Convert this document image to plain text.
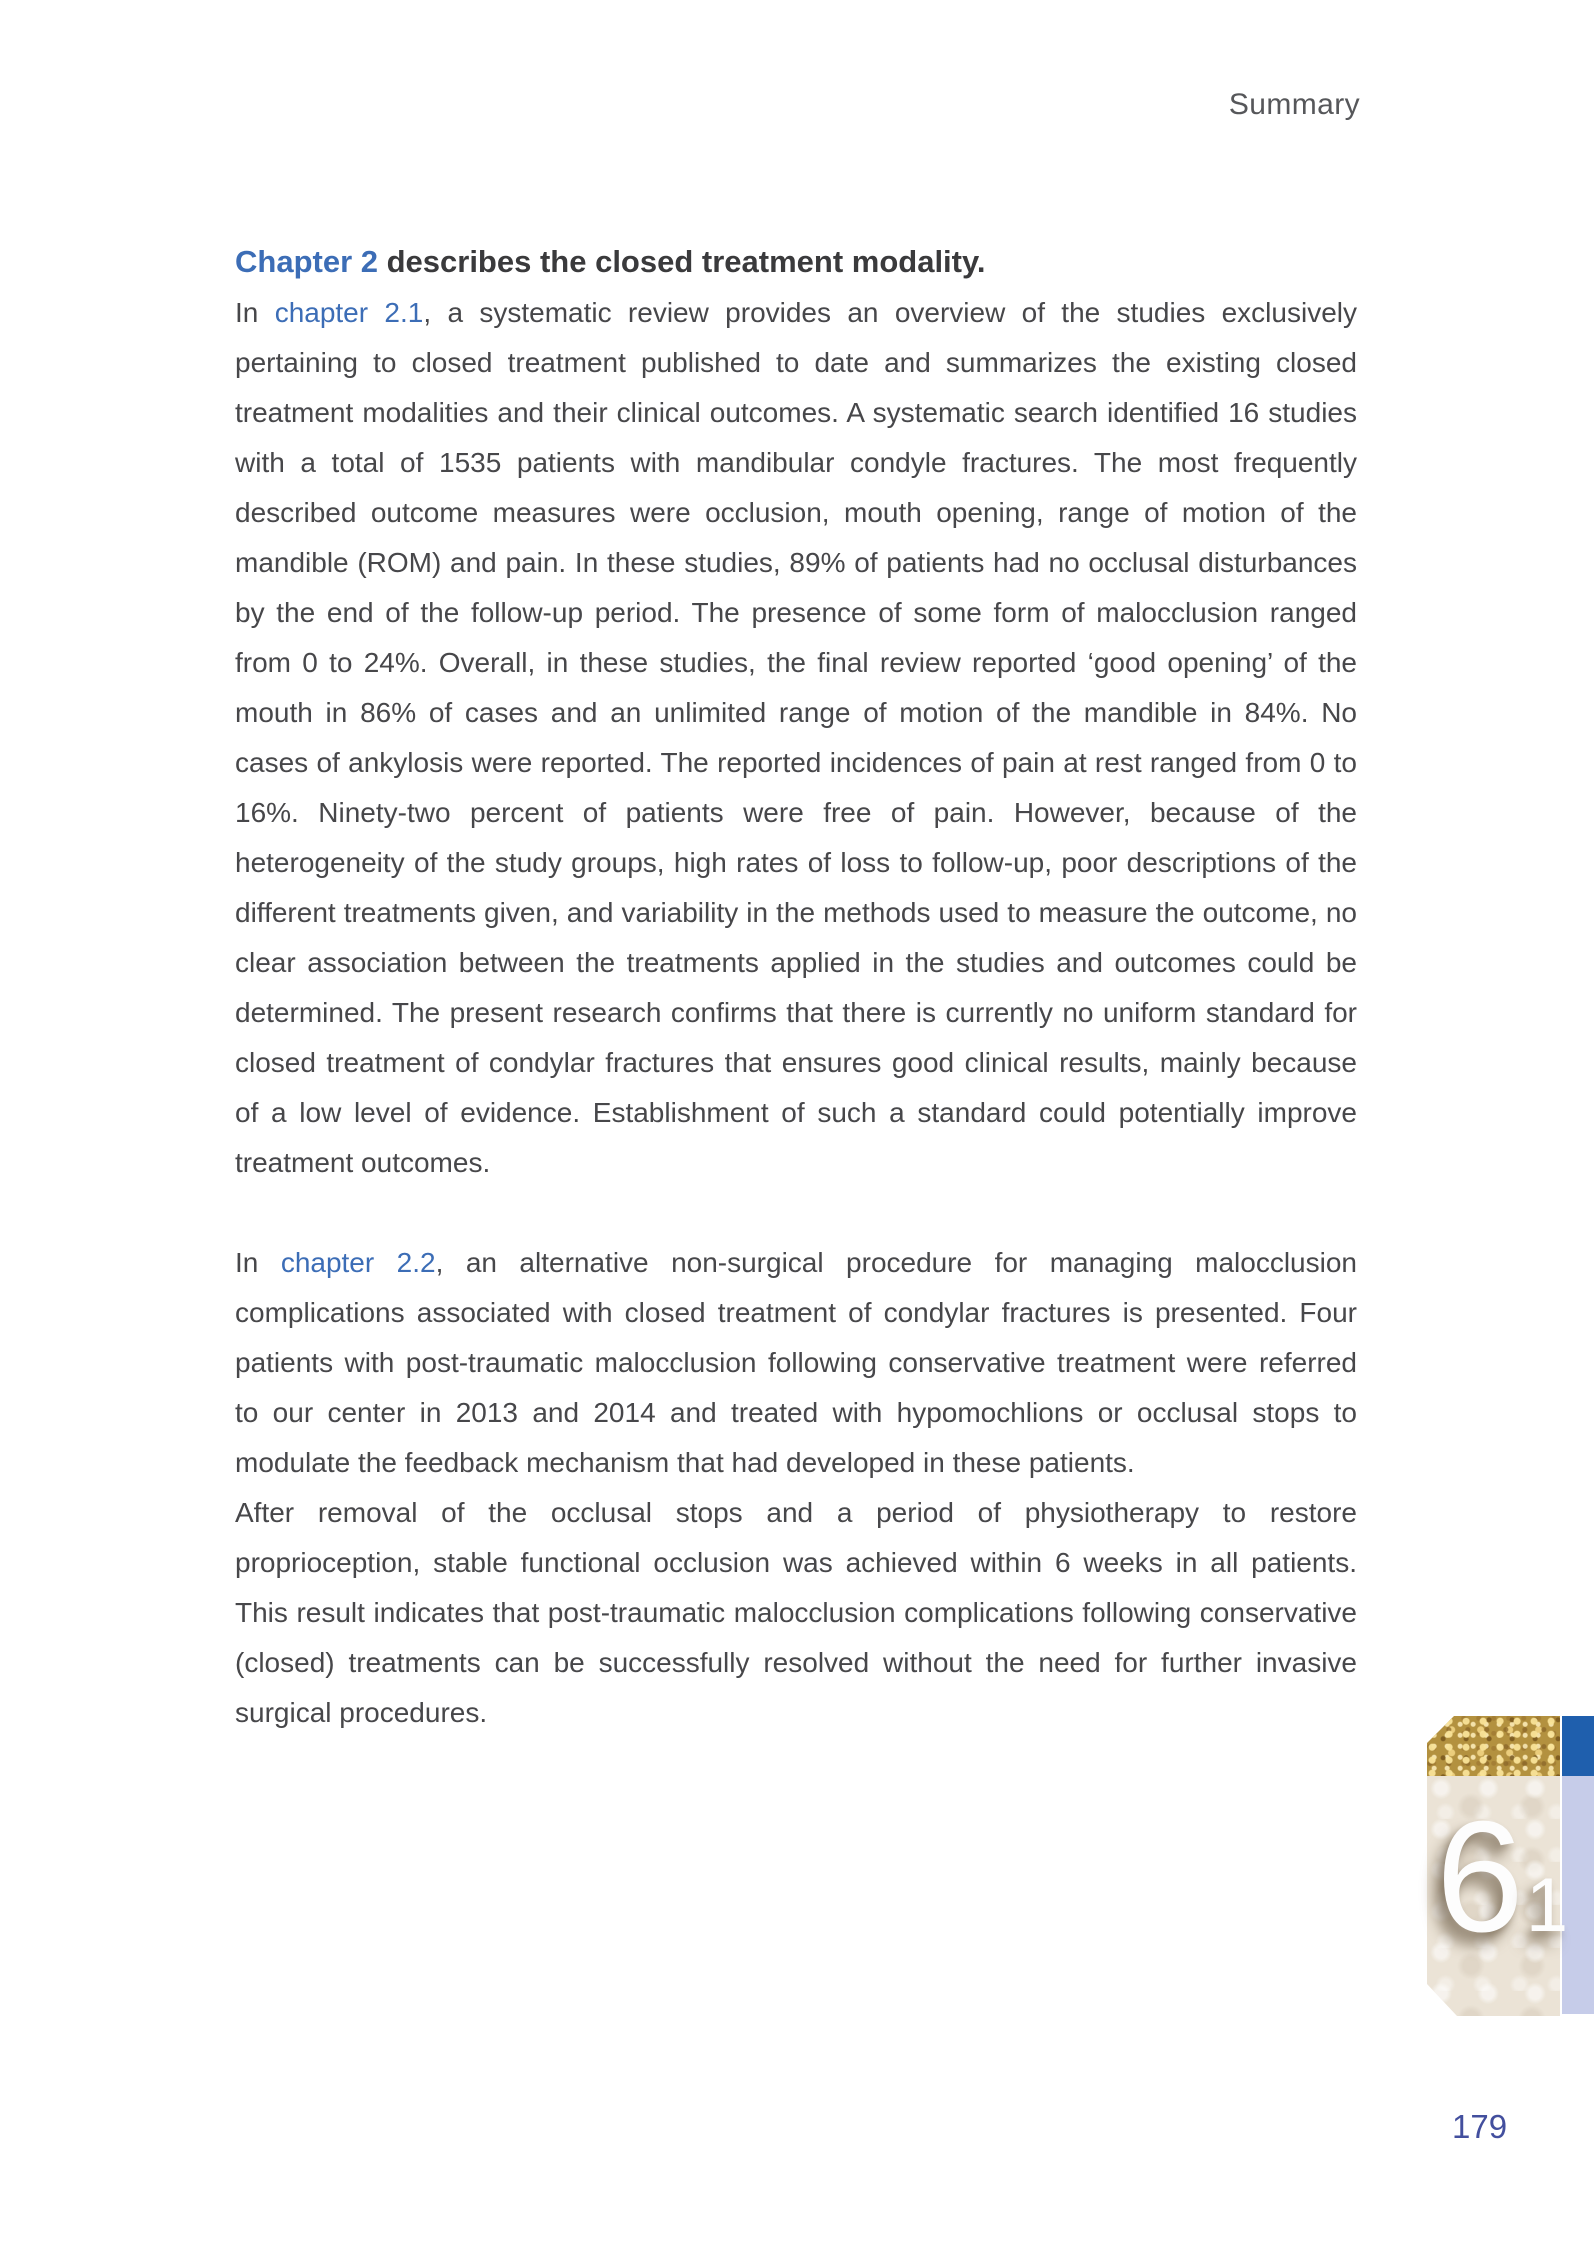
Summary
Chapter 2 describes the closed treatment modality.

In chapter 2.1, a systematic review provides an overview of the studies exclusively pertaining to closed treatment published to date and summarizes the existing closed treatment modalities and their clinical outcomes. A systematic search identified 16 studies with a total of 1535 patients with mandibular condyle fractures. The most frequently described outcome measures were occlusion, mouth opening, range of motion of the mandible (ROM) and pain. In these studies, 89% of patients had no occlusal disturbances by the end of the follow-up period. The presence of some form of malocclusion ranged from 0 to 24%. Overall, in these studies, the final review reported ‘good opening’ of the mouth in 86% of cases and an unlimited range of motion of the mandible in 84%. No cases of ankylosis were reported. The reported incidences of pain at rest ranged from 0 to 16%. Ninety-two percent of patients were free of pain. However, because of the heterogeneity of the study groups, high rates of loss to follow-up, poor descriptions of the different treatments given, and variability in the methods used to measure the outcome, no clear association between the treatments applied in the studies and outcomes could be determined. The present research confirms that there is currently no uniform standard for closed treatment of condylar fractures that ensures good clinical results, mainly because of a low level of evidence. Establishment of such a standard could potentially improve treatment outcomes.

In chapter 2.2, an alternative non-surgical procedure for managing malocclusion complications associated with closed treatment of condylar fractures is presented. Four patients with post-traumatic malocclusion following conservative treatment were referred to our center in 2013 and 2014 and treated with hypomochlions or occlusal stops to modulate the feedback mechanism that had developed in these patients.

After removal of the occlusal stops and a period of physiotherapy to restore proprioception, stable functional occlusion was achieved within 6 weeks in all patients. This result indicates that post-traumatic malocclusion complications following conservative (closed) treatments can be successfully resolved without the need for further invasive surgical procedures.

6 1
179
